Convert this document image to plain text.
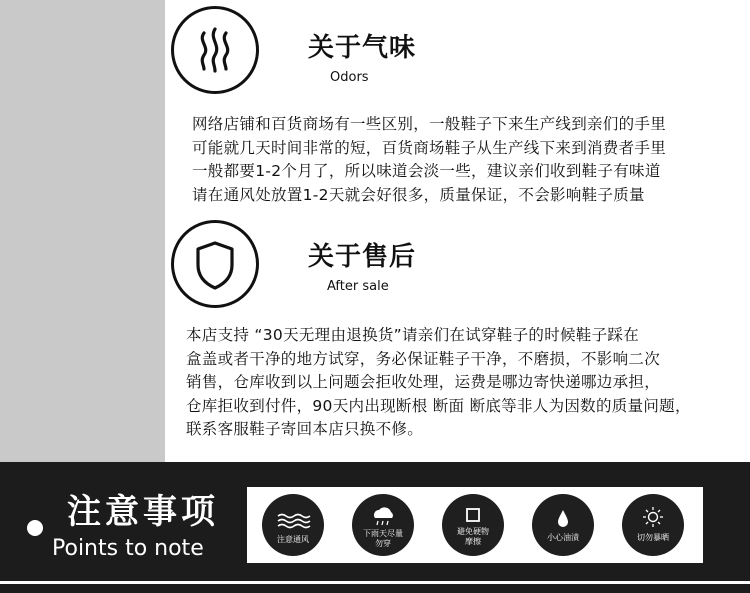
关于气味
Odors
网络店铺和百货商场有一些区别，一般鞋子下来生产线到亲们的手里
可能就几天时间非常的短，百货商场鞋子从生产线下来到消费者手里
一般都要1-2个月了，所以味道会淡一些，建议亲们收到鞋子有味道
请在通风处放置1-2天就会好很多，质量保证，不会影响鞋子质量
关于售后
After sale
本店支持 “30天无理由退换货”请亲们在试穿鞋子的时候鞋子踩在
盒盖或者干净的地方试穿，务必保证鞋子干净，不磨损，不影响二次
销售，仓库收到以上问题会拒收处理，运费是哪边寄快递哪边承担，
仓库拒收到付件，90天内出现断根 断面 断底等非人为因数的质量问题，
联系客服鞋子寄回本店只换不修。
注意事项
Points to note	注意通风
下雨天尽量
勿穿
避免硬物
摩擦	小心油渍	切勿暴晒
